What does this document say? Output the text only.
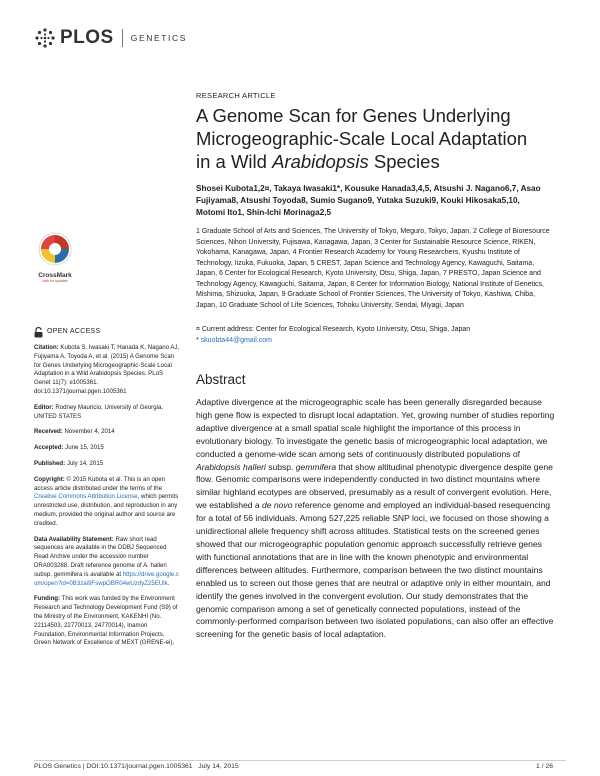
PLOS GENETICS
RESEARCH ARTICLE
A Genome Scan for Genes Underlying Microgeographic-Scale Local Adaptation in a Wild Arabidopsis Species
Shosei Kubota1,2¤, Takaya Iwasaki1*, Kousuke Hanada3,4,5, Atsushi J. Nagano6,7, Asao Fujiyama8, Atsushi Toyoda8, Sumio Sugano9, Yutaka Suzuki9, Kouki Hikosaka5,10, Motomi Ito1, Shin-Ichi Morinaga2,5
1 Graduate School of Arts and Sciences, The University of Tokyo, Meguro, Tokyo, Japan, 2 College of Bioresource Sciences, Nihon University, Fujisawa, Kanagawa, Japan, 3 Center for Sustainable Resource Science, RIKEN, Yokohama, Kanagawa, Japan, 4 Frontier Research Academy for Young Researchers, Kyushu Institute of Technology, Iizuka, Fukuoka, Japan, 5 CREST, Japan Science and Technology Agency, Kawaguchi, Saitama, Japan, 6 Center for Ecological Research, Kyoto University, Otsu, Shiga, Japan, 7 PRESTO, Japan Science and Technology Agency, Kawaguchi, Saitama, Japan, 8 Center for Information Biology, National Institute of Genetics, Mishima, Shizuoka, Japan, 9 Graduate School of Frontier Sciences, The University of Tokyo, Kashiwa, Chiba, Japan, 10 Graduate School of Life Sciences, Tohoku University, Sendai, Miyagi, Japan
¤ Current address: Center for Ecological Research, Kyoto University, Otsu, Shiga, Japan
* skuobta44@gmail.com
CrossMark
click for updates
OPEN ACCESS
Citation: Kubota S, Iwasaki T, Hanada K, Nagano AJ, Fujiyama A, Toyoda A, et al. (2015) A Genome Scan for Genes Underlying Microgeographic-Scale Local Adaptation in a Wild Arabidopsis Species. PLoS Genet 11(7): e1005361. doi:10.1371/journal.pgen.1005361
Editor: Rodney Mauricio, University of Georgia, UNITED STATES
Received: November 4, 2014
Accepted: June 15, 2015
Published: July 14, 2015
Copyright: © 2015 Kubota et al. This is an open access article distributed under the terms of the Creative Commons Attribution License, which permits unrestricted use, distribution, and reproduction in any medium, provided the original author and source are credited.
Data Availability Statement: Raw short read sequences are available in the DDBJ Sequenced Read Archive under the accession number DRA003288. Draft reference genome of A. halleri subsp. gemmifera is available at https://drive.google.com/open?id=0B3zai9FswpOBR04wUzdyZ25EUlk.
Funding: This work was funded by the Environment Research and Technology Development Fund (S9) of the Ministry of the Environment, KAKENHI (No. 22114503, 22770013, 24770014), Inamori Foundation, Environmental Information Projects, Green Network of Excellence of MEXT (GRENE-ei),
Abstract
Adaptive divergence at the microgeographic scale has been generally disregarded because high gene flow is expected to disrupt local adaptation. Yet, growing number of studies reporting adaptive divergence at a small spatial scale highlight the importance of this process in evolutionary biology. To investigate the genetic basis of microgeographic local adaptation, we conducted a genome-wide scan among sets of continuously distributed populations of Arabidopsis halleri subsp. gemmifera that show altitudinal phenotypic divergence despite gene flow. Genomic comparisons were independently conducted in two distinct mountains where similar highland ecotypes are observed, presumably as a result of convergent evolution. Here, we established a de novo reference genome and employed an individual-based resequencing for a total of 56 individuals. Among 527,225 reliable SNP loci, we focused on those showing a unidirectional allele frequency shift across altitudes. Statistical tests on the screened genes showed that our microgeographic population genomic approach successfully retrieve genes with functional annotations that are in line with the known phenotypic and environmental differences between altitudes. Furthermore, comparison between the two distinct mountains enabled us to screen out those genes that are neutral or adaptive only in either mountain, and identify the genes involved in the convergent evolution. Our study demonstrates that the genomic comparison among a set of genetically connected populations, instead of the commonly-performed comparison between two isolated populations, can also offer an effective screening for the genetic basis of local adaptation.
PLOS Genetics | DOI:10.1371/journal.pgen.1005361   July 14, 2015	1 / 26
